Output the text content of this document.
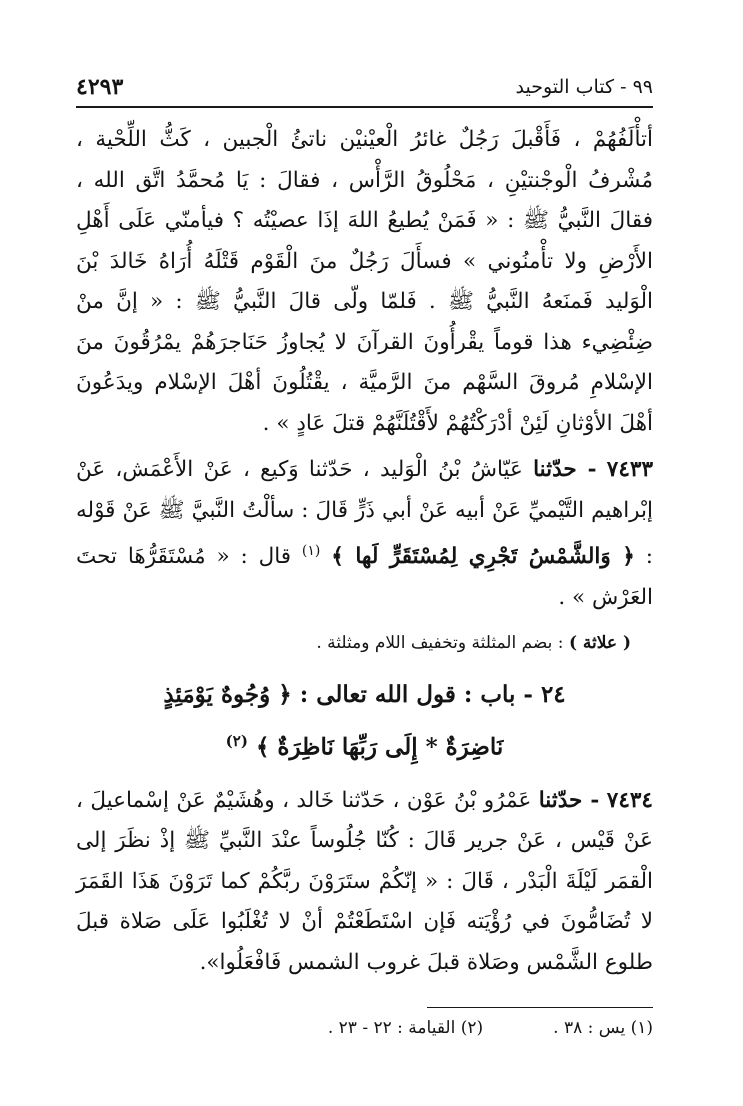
٩٩ - كتاب التوحيد
٤٢٩٣

أتأْلَفُهُمْ ، فَأَقْبلَ رَجُلٌ غائرُ الْعيْنيْن ناتئُ الْجبين ، كَثُّ اللِّحْية ، مُشْرفُ الْوجْنتيْنِ ، مَحْلُوقُ الرَّأْس ، فقالَ : يَا مُحمَّدُ اتَّق الله ، فقالَ النَّبيُّ ﷺ : « فَمَنْ يُطيعُ اللهَ إذَا عصيْتُه ؟ فيأمنّي عَلَى أَهْلِ الأَرْضِ ولا تأْمنُوني » فسأَلَ رَجُلٌ منَ الْقَوْم قَتْلَهُ أُرَاهُ خَالدَ بْنَ الْوَليد فَمنَعهُ النَّبيُّ ﷺ . فَلمّا ولّى قالَ النَّبيُّ ﷺ : « إنَّ منْ ضِئْضِيء هذا قوماً يقْرأُونَ القرآنَ لا يُجاوزُ حَنَاجرَهُمْ يمْرُقُونَ منَ الإسْلامِ مُروقَ السَّهْم منَ الرَّميَّة ، يقْتُلُونَ أهْلَ الإسْلام ويدَعُونَ أهْلَ الأوْثانِ لَئِنْ أدْرَكْتُهُمْ لأَقْتُلَنَّهُمْ قتلَ عَادٍ » .

٧٤٣٣ - حدّثنا عَيّاشُ بْنُ الْوَليد ، حَدّثنا وَكيع ، عَنْ الأَعْمَش، عَنْ إبْراهيم التَّيْميِّ عَنْ أبيه عَنْ أبي ذَرٍّ قَالَ : سألْتُ النَّبيَّ ﷺ عَنْ قَوْله : ﴿ وَالشَّمْسُ تَجْرِي لِمُسْتَقَرٍّ لَها ﴾ $^{(١)}$ قال : « مُسْتَقَرُّهَا تحتَ العَرْش » .

( علاثة ) : بضم المثلثة وتخفيف اللام ومثلثة .

٢٤ - باب : قول الله تعالى : ﴿ وُجُوهٌ يَوْمَئِذٍ
نَاضِرَةٌ * إِلَى رَبِّهَا نَاظِرَةٌ ﴾ $^{(٢)}$

٧٤٣٤ - حدّثنا عَمْرُو بْنُ عَوْن ، حَدّثنا خَالد ، وهُشَيْمٌ عَنْ إسْماعيلَ ، عَنْ قَيْس ، عَنْ جرير قَالَ : كُنّا جُلُوساً عنْدَ النَّبيِّ ﷺ إذْ نظَرَ إلى الْقمَر لَيْلَةَ الْبَدْر ، قَالَ : « إنّكُمْ ستَرَوْنَ ربَّكُمْ كما تَرَوْنَ هَذَا القَمَرَ لا تُضَامُّونَ في رُؤْيَته فَإن اسْتَطَعْتُمْ أنْ لا تُغْلَبُوا عَلَى صَلاة قبلَ طلوع الشَّمْس وصَلاة قبلَ غروب الشمس فَافْعَلُوا».

(١) يس : ٣٨ .
(٢) القيامة : ٢٢ - ٢٣ .
